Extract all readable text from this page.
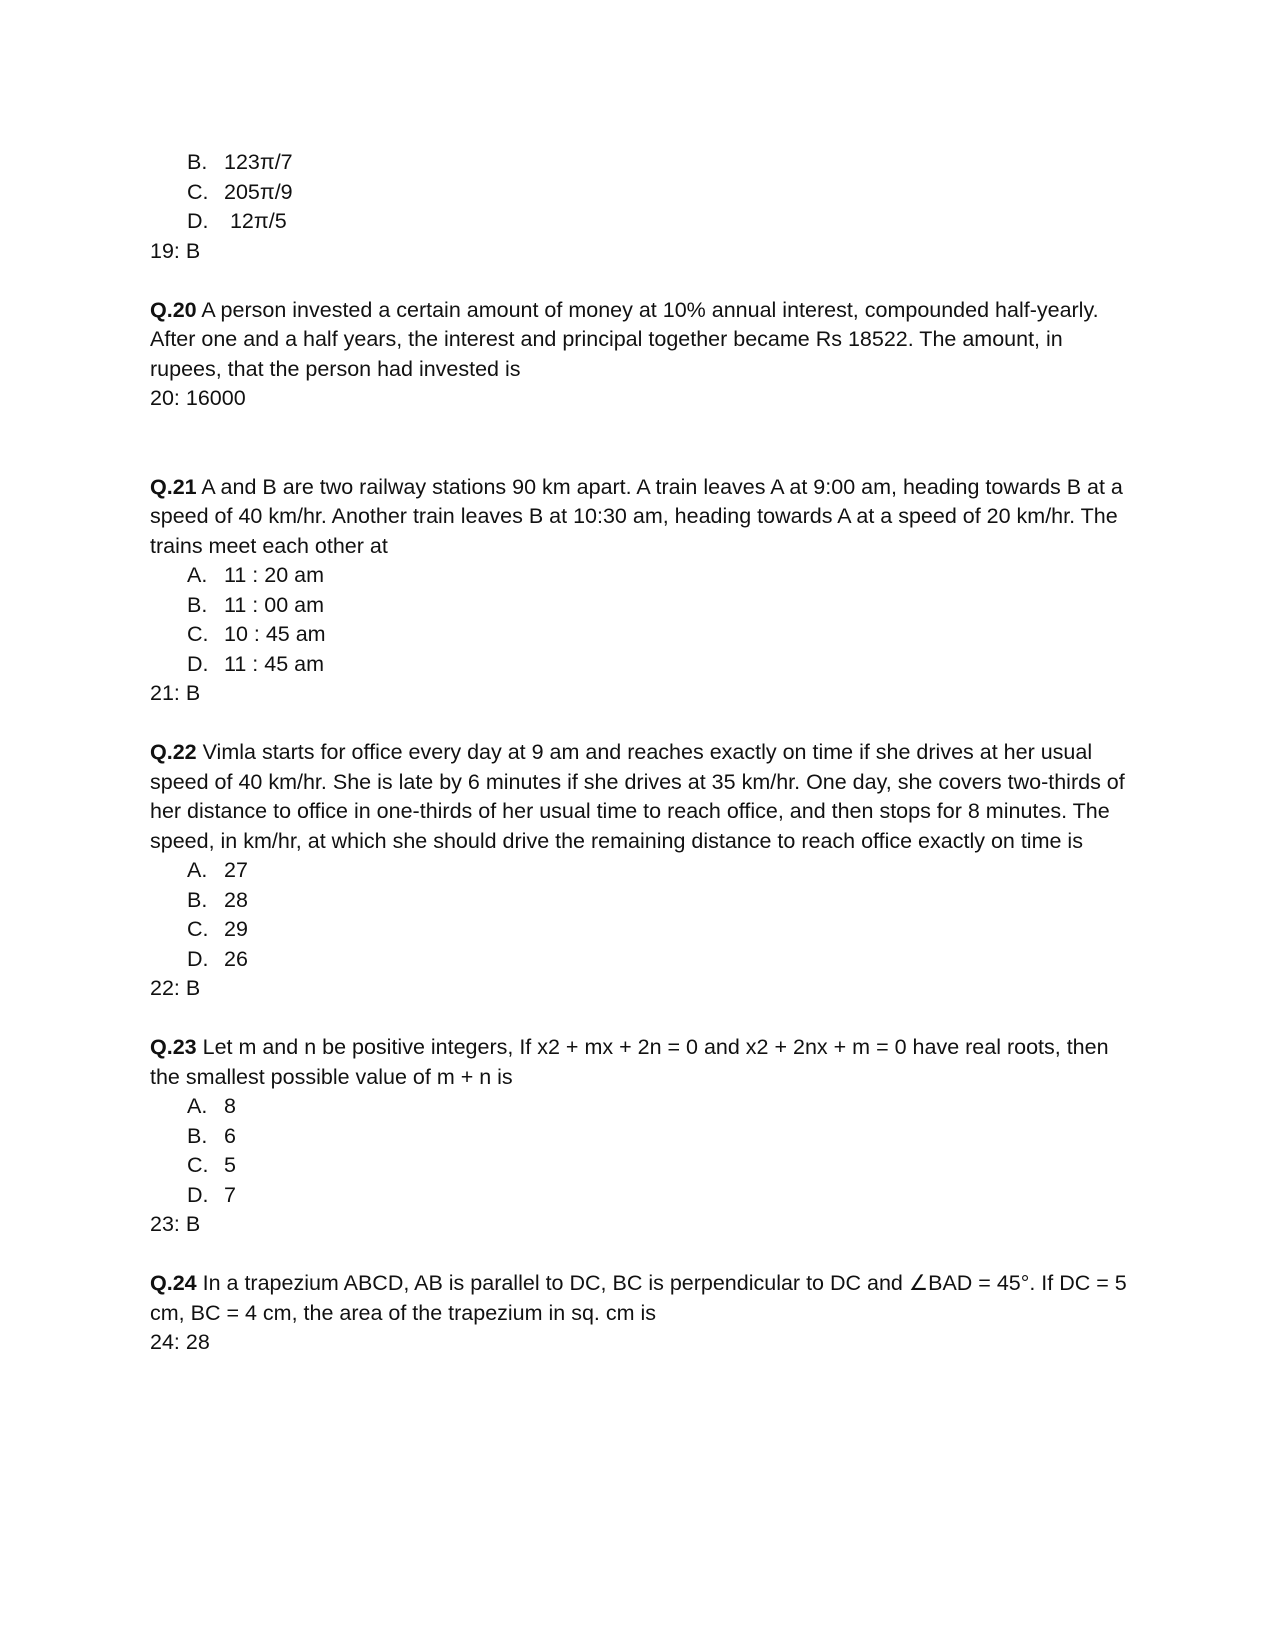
B. 123π/7
C. 205π/9
D. 12π/5

19: B

Q.20 A person invested a certain amount of money at 10% annual interest, compounded half-yearly. After one and a half years, the interest and principal together became Rs 18522. The amount, in rupees, that the person had invested is

20: 16000

Q.21 A and B are two railway stations 90 km apart. A train leaves A at 9:00 am, heading towards B at a speed of 40 km/hr. Another train leaves B at 10:30 am, heading towards A at a speed of 20 km/hr. The trains meet each other at

A. 11 : 20 am
B. 11 : 00 am
C. 10 : 45 am
D. 11 : 45 am

21: B

Q.22 Vimla starts for office every day at 9 am and reaches exactly on time if she drives at her usual speed of 40 km/hr. She is late by 6 minutes if she drives at 35 km/hr. One day, she covers two-thirds of her distance to office in one-thirds of her usual time to reach office, and then stops for 8 minutes. The speed, in km/hr, at which she should drive the remaining distance to reach office exactly on time is

A. 27
B. 28
C. 29
D. 26

22: B

Q.23 Let m and n be positive integers, If x2 + mx + 2n = 0 and x2 + 2nx + m = 0 have real roots, then the smallest possible value of m + n is

A. 8
B. 6
C. 5
D. 7

23: B

Q.24 In a trapezium ABCD, AB is parallel to DC, BC is perpendicular to DC and ∠BAD = 45°. If DC = 5 cm, BC = 4 cm, the area of the trapezium in sq. cm is

24: 28
